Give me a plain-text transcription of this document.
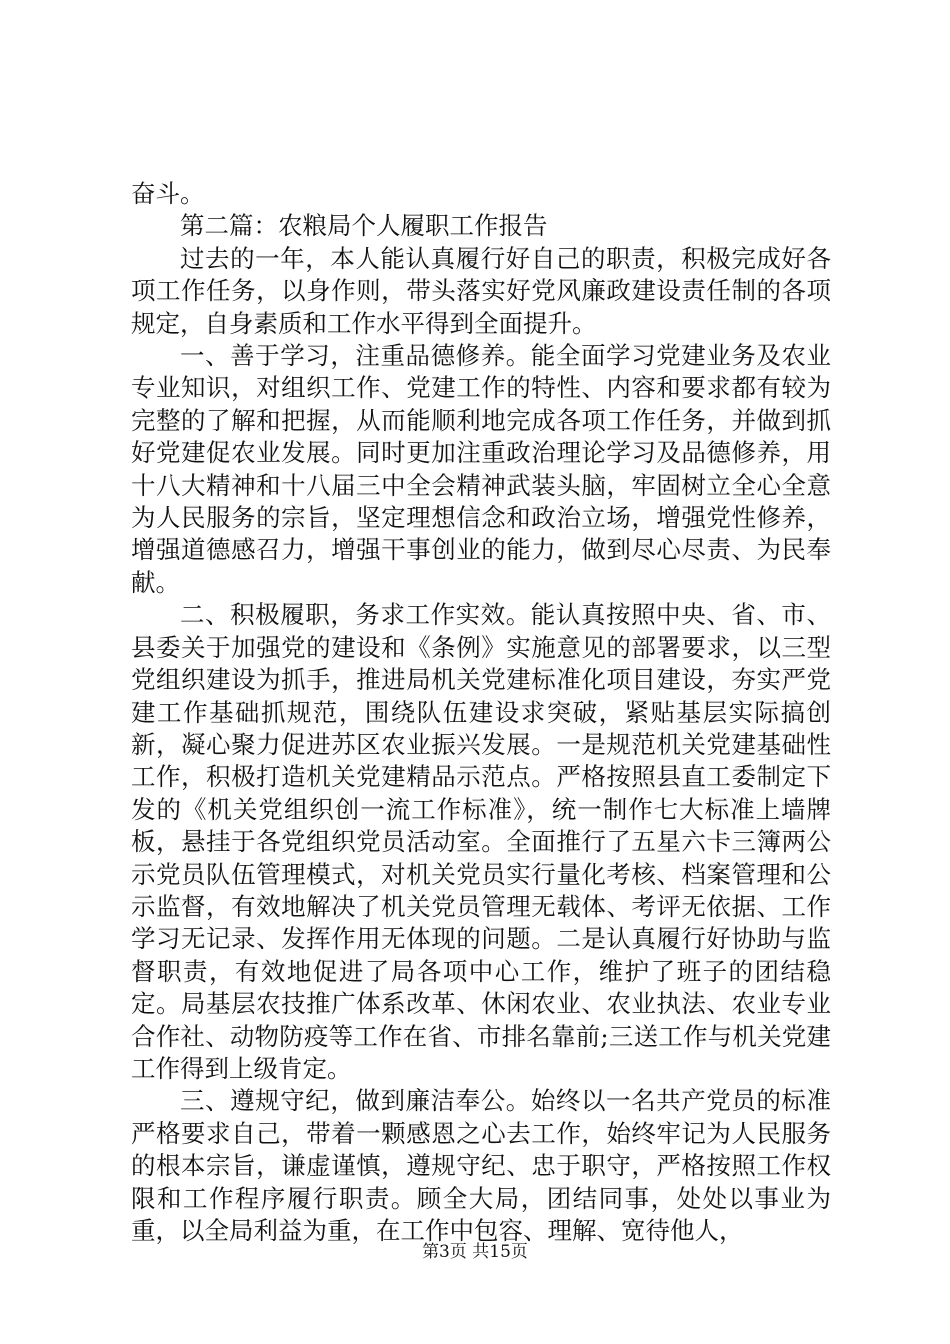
奋斗。

第二篇：农粮局个人履职工作报告

过去的一年，本人能认真履行好自己的职责，积极完成好各项工作任务，以身作则，带头落实好党风廉政建设责任制的各项规定，自身素质和工作水平得到全面提升。

一、善于学习，注重品德修养。能全面学习党建业务及农业专业知识，对组织工作、党建工作的特性、内容和要求都有较为完整的了解和把握，从而能顺利地完成各项工作任务，并做到抓好党建促农业发展。同时更加注重政治理论学习及品德修养，用十八大精神和十八届三中全会精神武装头脑，牢固树立全心全意为人民服务的宗旨，坚定理想信念和政治立场，增强党性修养，增强道德感召力，增强干事创业的能力，做到尽心尽责、为民奉献。

二、积极履职，务求工作实效。能认真按照中央、省、市、县委关于加强党的建设和《条例》实施意见的部署要求，以三型党组织建设为抓手，推进局机关党建标准化项目建设，夯实严党建工作基础抓规范，围绕队伍建设求突破，紧贴基层实际搞创新，凝心聚力促进苏区农业振兴发展。一是规范机关党建基础性工作，积极打造机关党建精品示范点。严格按照县直工委制定下发的《机关党组织创一流工作标准》，统一制作七大标准上墙牌板，悬挂于各党组织党员活动室。全面推行了五星六卡三簿两公示党员队伍管理模式，对机关党员实行量化考核、档案管理和公示监督，有效地解决了机关党员管理无载体、考评无依据、工作学习无记录、发挥作用无体现的问题。二是认真履行好协助与监督职责，有效地促进了局各项中心工作，维护了班子的团结稳定。局基层农技推广体系改革、休闲农业、农业执法、农业专业合作社、动物防疫等工作在省、市排名靠前;三送工作与机关党建工作得到上级肯定。

三、遵规守纪，做到廉洁奉公。始终以一名共产党员的标准严格要求自己，带着一颗感恩之心去工作，始终牢记为人民服务的根本宗旨，谦虚谨慎，遵规守纪、忠于职守，严格按照工作权限和工作程序履行职责。顾全大局，团结同事，处处以事业为重，以全局利益为重，在工作中包容、理解、宽待他人，

第3页 共15页
